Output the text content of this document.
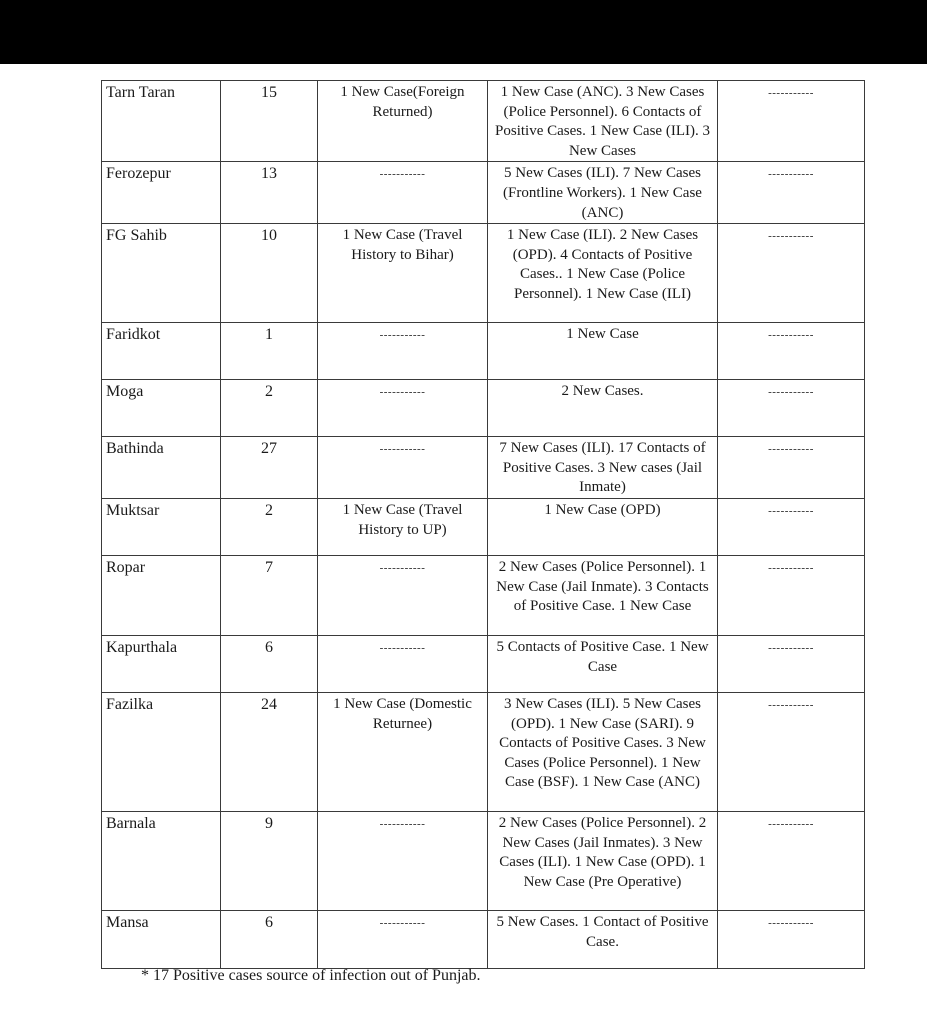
Tarn Taran	15	1 New Case(Foreign Returned)	1 New Case (ANC). 3 New Cases (Police Personnel). 6 Contacts of Positive Cases. 1 New Case (ILI). 3 New Cases	-----------
Ferozepur	13	-----------	5 New Cases (ILI). 7 New Cases (Frontline Workers). 1 New Case (ANC)	-----------
FG Sahib	10	1 New Case (Travel History to Bihar)	1 New Case (ILI). 2 New Cases (OPD). 4 Contacts of Positive Cases.. 1 New Case (Police Personnel). 1 New Case (ILI)	-----------
Faridkot	1	-----------	1 New Case	-----------
Moga	2	-----------	2 New Cases.	-----------
Bathinda	27	-----------	7 New Cases (ILI). 17 Contacts of Positive Cases. 3 New cases (Jail Inmate)	-----------
Muktsar	2	1 New Case (Travel History to UP)	1 New Case (OPD)	-----------
Ropar	7	-----------	2 New Cases (Police Personnel). 1 New Case (Jail Inmate). 3 Contacts of Positive Case. 1 New Case	-----------
Kapurthala	6	-----------	5 Contacts of Positive Case. 1 New Case	-----------
Fazilka	24	1 New Case (Domestic Returnee)	3 New Cases (ILI). 5 New Cases (OPD). 1 New Case (SARI). 9 Contacts of Positive Cases. 3 New Cases (Police Personnel). 1 New Case (BSF). 1 New Case (ANC)	-----------
Barnala	9	-----------	2 New Cases (Police Personnel). 2 New Cases (Jail Inmates). 3 New Cases (ILI). 1 New Case (OPD). 1 New Case (Pre Operative)	-----------
Mansa	6	-----------	5 New Cases. 1 Contact of Positive Case.	-----------
* 17 Positive cases source of infection out of Punjab.
